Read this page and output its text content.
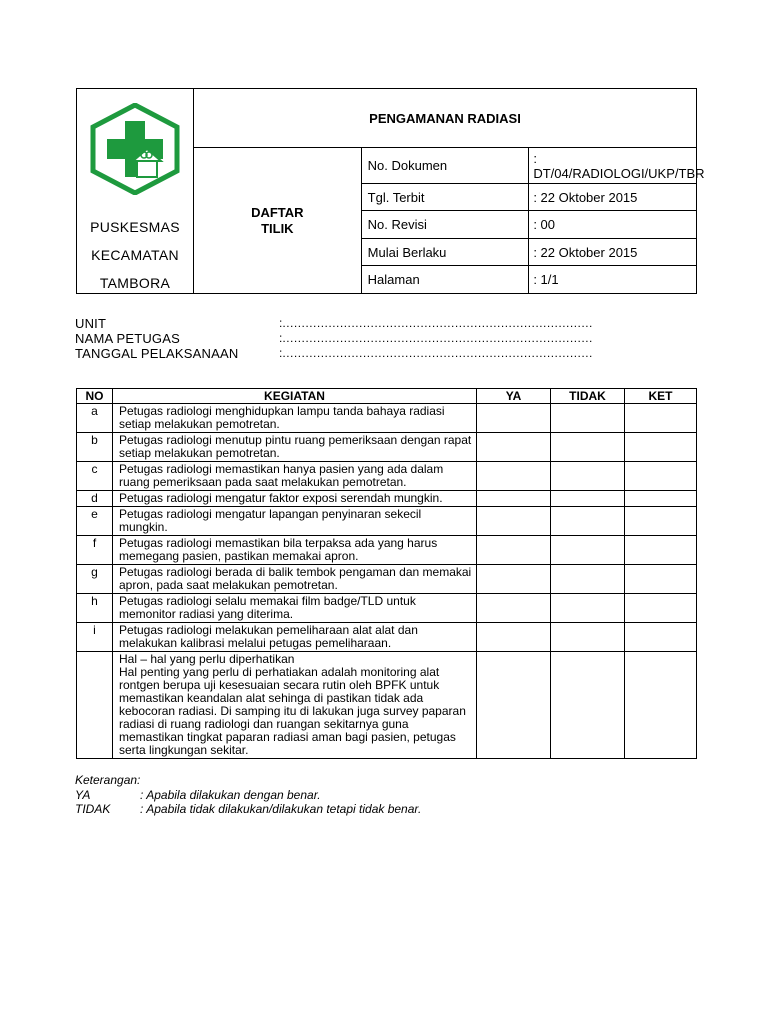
PUSKESMAS
KECAMATAN
TAMBORA	PENGAMANAN RADIASI		

	DAFTAR
TILIK	No. Dokumen	: DT/04/RADIOLOGI/UKP/TBR
		Tgl. Terbit	: 22 Oktober 2015
		No. Revisi	: 00
		Mulai Berlaku	: 22 Oktober 2015
		Halaman	: 1/1
UNIT	:………………………………………………………………………
NAMA PETUGAS	:………………………………………………………………………
TANGGAL PELAKSANAAN	:………………………………………………………………………
NO	KEGIATAN	YA	TIDAK	KET
a	Petugas radiologi menghidupkan lampu tanda bahaya radiasi setiap melakukan pemotretan.			
b	Petugas radiologi menutup pintu ruang pemeriksaan dengan rapat setiap melakukan pemotretan.			
c	Petugas radiologi memastikan hanya pasien yang ada dalam ruang pemeriksaan pada saat melakukan pemotretan.			
d	Petugas radiologi mengatur faktor exposi serendah mungkin.			
e	Petugas radiologi mengatur lapangan penyinaran sekecil mungkin.			
f	Petugas radiologi memastikan bila terpaksa ada yang harus memegang pasien, pastikan memakai apron.			
g	Petugas radiologi berada di balik tembok pengaman dan memakai apron, pada saat melakukan pemotretan.			
h	Petugas radiologi selalu memakai film badge/TLD untuk memonitor radiasi yang diterima.			
i	Petugas radiologi melakukan pemeliharaan alat alat dan melakukan kalibrasi melalui petugas pemeliharaan.			

	Hal – hal yang perlu diperhatikan
Hal penting yang perlu di perhatiakan adalah monitoring alat rontgen berupa uji kesesuaian secara rutin oleh BPFK untuk memastikan keandalan alat sehinga di pastikan tidak ada kebocoran radiasi. Di samping itu di lakukan juga survey paparan radiasi di ruang radiologi dan ruangan sekitarnya guna memastikan tingkat paparan radiasi aman bagi pasien, petugas serta lingkungan sekitar.			

Keterangan:
YA	: Apabila dilakukan dengan benar.
TIDAK : Apabila tidak dilakukan/dilakukan tetapi tidak benar.
